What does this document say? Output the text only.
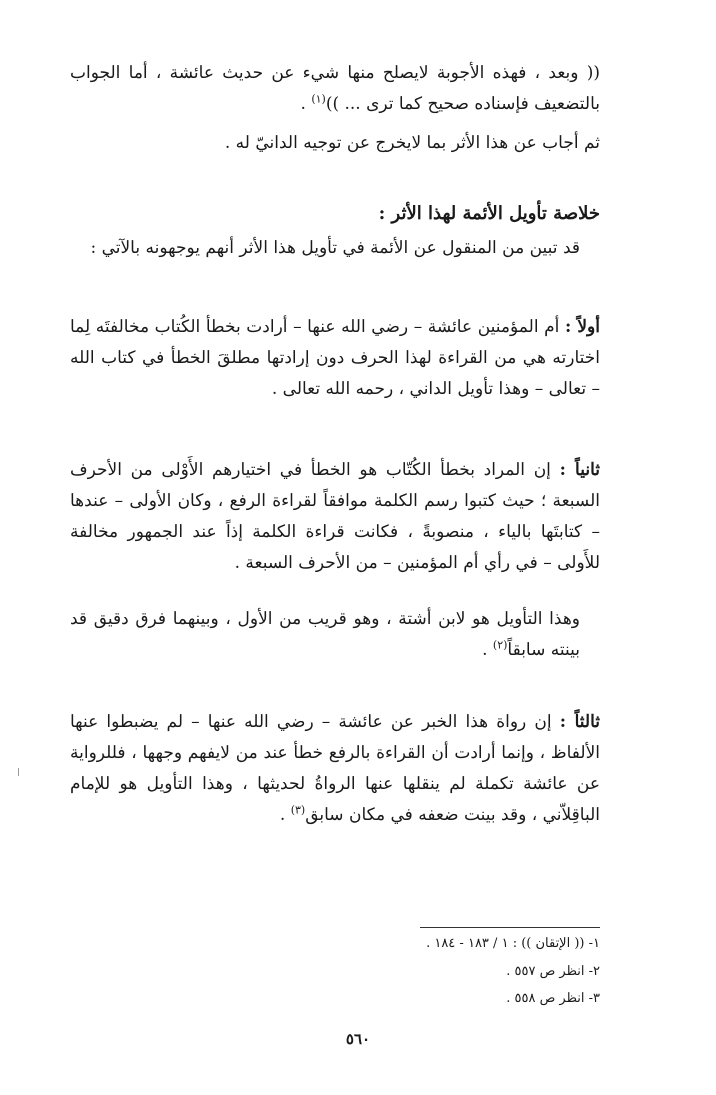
(( وبعد ، فهذه الأجوبة لايصلح منها شيء عن حديث عائشة ، أما الجواب بالتضعيف فإسناده صحيح كما ترى ... ))$^{(١)}$ .
ثم أجاب عن هذا الأثر بما لايخرج عن توجيه الدانيّ له .
خلاصة تأويل الأئمة لهذا الأثر :
قد تبين من المنقول عن الأئمة في تأويل هذا الأثر أنهم يوجهونه بالآتي :
أولاً : أم المؤمنين عائشة – رضي الله عنها – أرادت بخطأ الكُتاب مخالفتَه لِما اختارته هي من القراءة لهذا الحرف دون إرادتها مطلقَ الخطأ في كتاب الله – تعالى – وهذا تأويل الداني ، رحمه الله تعالى .
ثانياً : إن المراد بخطأ الكُتّاب هو الخطأ في اختيارهم الأَوْلى من الأحرف السبعة ؛ حيث كتبوا رسم الكلمة موافقاً لقراءة الرفع ، وكان الأولى – عندها – كتابتَها بالياء ، منصوبةً ، فكانت قراءة الكلمة إذاً عند الجمهور مخالفة للأَولى – في رأي أم المؤمنين – من الأحرف السبعة .
وهذا التأويل هو لابن أشتة ، وهو قريب من الأول ، وبينهما فرق دقيق قد بينته سابقاً$^{(٢)}$ .
ثالثاً : إن رواة هذا الخبر عن عائشة – رضي الله عنها – لم يضبطوا عنها الألفاظ ، وإنما أرادت أن القراءة بالرفع خطأ عند من لايفهم وجهها ، فللرواية عن عائشة تكملة لم ينقلها عنها الرواةُ لحديثها ، وهذا التأويل هو للإمام الباقِلاّني ، وقد بينت ضعفه في مكان سابق$^{(٣)}$ .
١- (( الإتقان )) : ١ / ١٨٣ - ١٨٤ .
٢- انظر ص ٥٥٧ .
٣- انظر ص ٥٥٨ .
٥٦٠
